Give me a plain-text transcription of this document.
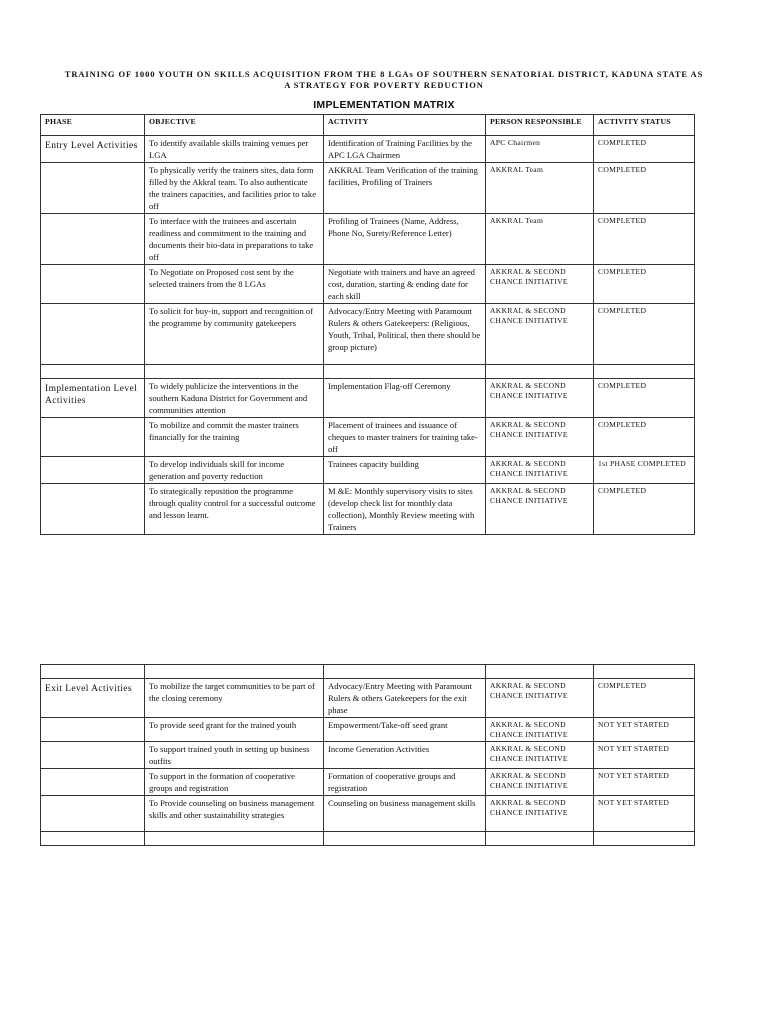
TRAINING OF 1000 YOUTH ON SKILLS ACQUISITION FROM THE 8 LGAs OF SOUTHERN SENATORIAL DISTRICT, KADUNA STATE AS A STRATEGY FOR POVERTY REDUCTION
IMPLEMENTATION MATRIX
PHASE	OBJECTIVE	ACTIVITY	PERSON RESPONSIBLE	ACTIVITY STATUS
Entry Level Activities	To identify available skills training venues per LGA	Identification of Training Facilities by the APC LGA Chairmen	APC Chairmen	COMPLETED
	To physically verify the trainers sites, data form filled by the Akkral team. To also authenticate the trainers capacities, and facilities prior to take off	AKKRAL Team Verification of the training facilities, Profiling of Trainers	AKKRAL Team	COMPLETED
	To interface with the trainees and ascertain readiness and commitment to the training and documents their bio-data in preparations to take off	Profiling of Trainees (Name, Address, Phone No, Surety/Reference Letter)	AKKRAL Team	COMPLETED
	To Negotiate on Proposed cost sent by the selected trainers from the 8 LGAs	Negotiate with trainers and have an agreed cost, duration, starting & ending date for each skill	AKKRAL & SECOND CHANCE INITIATIVE	COMPLETED
	To solicit for buy-in, support and recognition of the programme by community gatekeepers	Advocacy/Entry Meeting with Paramount Rulers & others Gatekeepers: (Religious, Youth, Tribal, Political, then there should be group picture)	AKKRAL & SECOND CHANCE INITIATIVE	COMPLETED

Implementation Level Activities	To widely publicize the interventions in the southern Kaduna District for Government and communities attention	Implementation Flag-off Ceremony	AKKRAL & SECOND CHANCE INITIATIVE	COMPLETED
	To mobilize and commit the master trainers financially for the training	Placement of trainees and issuance of cheques to master trainers for training take-off	AKKRAL & SECOND CHANCE INITIATIVE	COMPLETED
	To develop individuals skill for income generation and poverty reduction	Trainees capacity building	AKKRAL & SECOND CHANCE INITIATIVE	1st PHASE COMPLETED
	To strategically reposition the programme through quality control for a successful outcome and lesson learnt.	M &E: Monthly supervisory visits to sites (develop check list for monthly data collection), Monthly Review meeting with Trainers	AKKRAL & SECOND CHANCE INITIATIVE	COMPLETED

Exit Level Activities	To mobilize the target communities to be part of the closing ceremony	Advocacy/Entry Meeting with Paramount Rulers & others Gatekeepers for the exit phase	AKKRAL & SECOND CHANCE INITIATIVE	COMPLETED
	To provide seed grant for the trained youth	Empowerment/Take-off seed grant	AKKRAL & SECOND CHANCE INITIATIVE	NOT YET STARTED
	To support trained youth in setting up business outfits	Income Generation Activities	AKKRAL & SECOND CHANCE INITIATIVE	NOT YET STARTED
	To support in the formation of cooperative groups and registration	Formation of cooperative groups and registration	AKKRAL & SECOND CHANCE INITIATIVE	NOT YET STARTED
	To Provide counseling on business management skills and other sustainability strategies	Counseling on business management skills	AKKRAL & SECOND CHANCE INITIATIVE	NOT YET STARTED
